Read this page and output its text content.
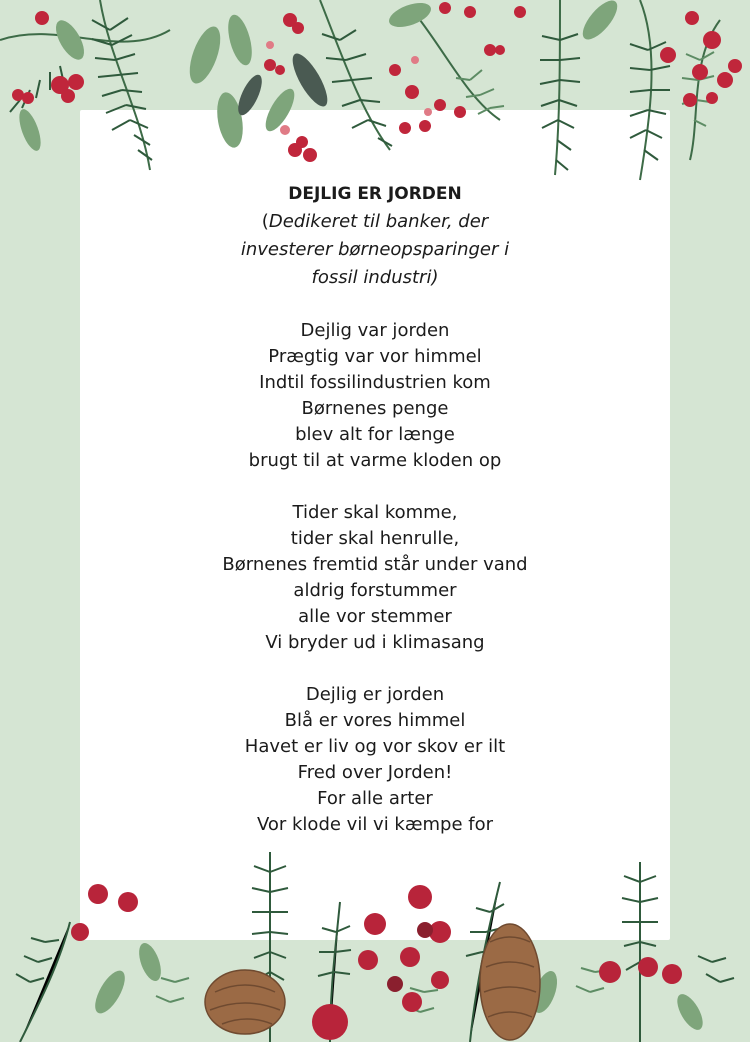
DEJLIG ER JORDEN

(Dedikeret til banker, der
investerer børneopsparinger i
fossil industri)
Dejlig var jorden
Prægtig var vor himmel
Indtil fossilindustrien kom
Børnenes penge
blev alt for længe
brugt til at varme kloden op
Tider skal komme,
tider skal henrulle,
Børnenes fremtid står under vand
aldrig forstummer
alle vor stemmer
Vi bryder ud i klimasang
Dejlig er jorden
Blå er vores himmel
Havet er liv og vor skov er ilt
Fred over Jorden!
For alle arter
Vor klode vil vi kæmpe for
